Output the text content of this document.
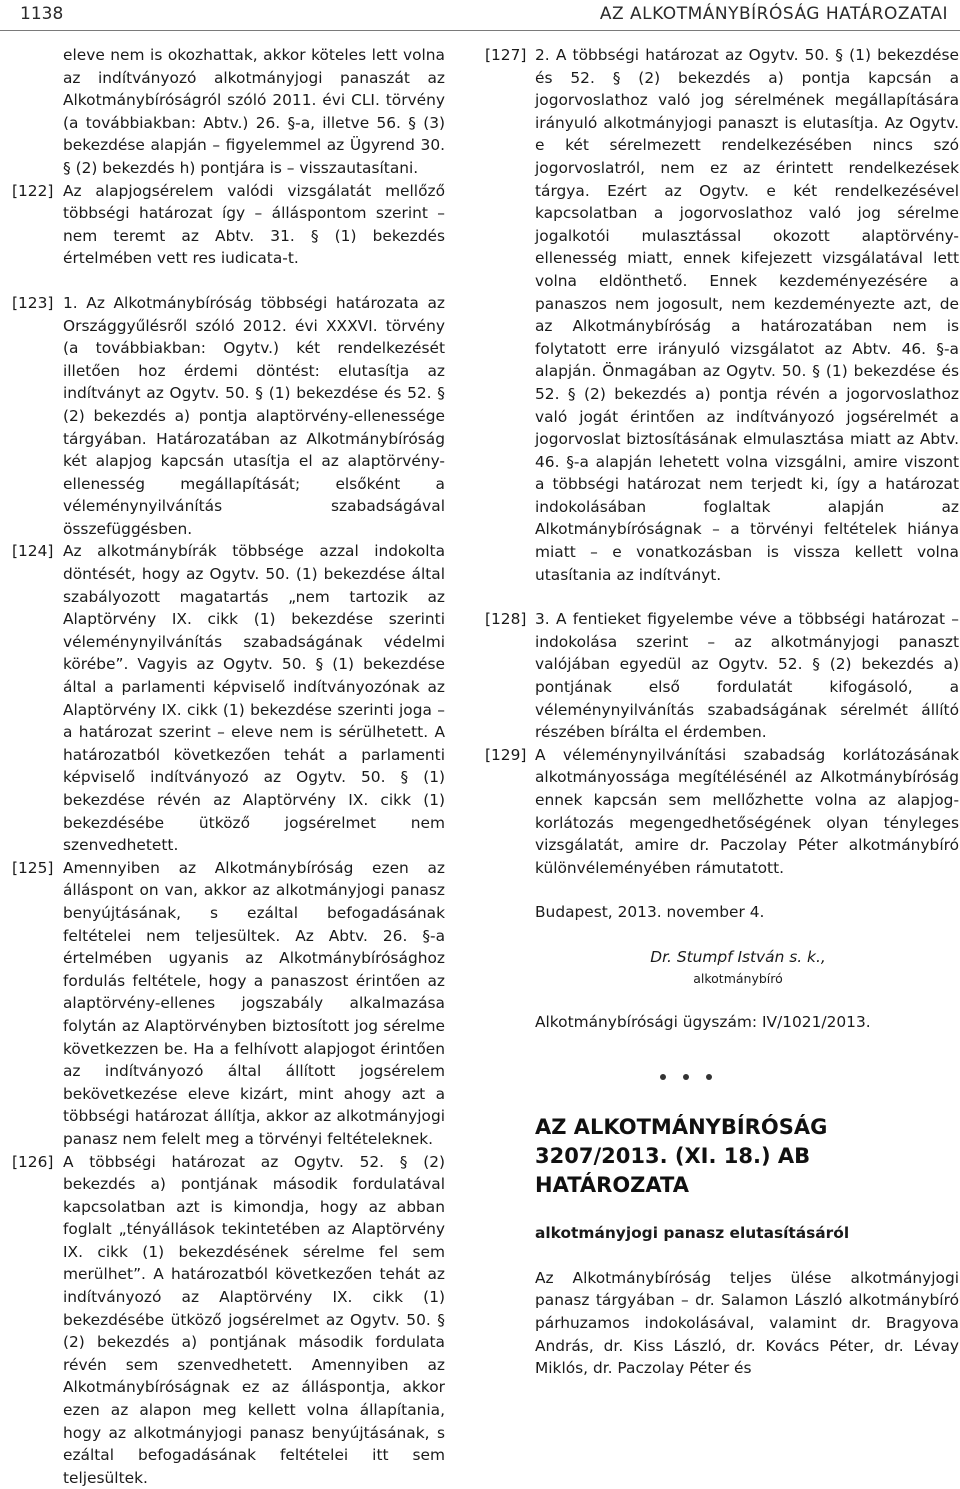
1138	AZ ALKOTMÁNYBÍRÓSÁG HATÁROZATAI

eleve nem is okozhattak, akkor köteles lett volna az indítványozó alkotmányjogi panaszát az Alkotmánybíróságról szóló 2011. évi CLI. törvény (a továbbiakban: Abtv.) 26. §-a, illetve 56. § (3) bekezdése alapján – figyelemmel az Ügyrend 30. § (2) bekezdés h) pontjára is – visszautasítani.

[122] Az alapjogsérelem valódi vizsgálatát mellőző többségi határozat így – álláspontom szerint – nem teremt az Abtv. 31. § (1) bekezdés értelmében vett res iudicata-t.
[123] 1. Az Alkotmánybíróság többségi határozata az Országgyűlésről szóló 2012. évi XXXVI. törvény (a továbbiakban: Ogytv.) két rendelkezését illetően hoz érdemi döntést: elutasítja az indítványt az Ogytv. 50. § (1) bekezdése és 52. § (2) bekezdés a) pontja alaptörvény-ellenessége tárgyában. Határozatában az Alkotmánybíróság két alapjog kapcsán utasítja el az alaptörvény-ellenesség megállapítását; elsőként a véleménynyilvánítás szabadságával összefüggésben.
[124] Az alkotmánybírák többsége azzal indokolta döntését, hogy az Ogytv. 50. (1) bekezdése által szabályozott magatartás „nem tartozik az Alaptörvény IX. cikk (1) bekezdése szerinti véleménynyilvánítás szabadságának védelmi körébe”. Vagyis az Ogytv. 50. § (1) bekezdése által a parlamenti képviselő indítványozónak az Alaptörvény IX. cikk (1) bekezdése szerinti joga – a határozat szerint – eleve nem is sérülhetett. A határozatból következően tehát a parlamenti képviselő indítványozó az Ogytv. 50. § (1) bekezdése révén az Alaptörvény IX. cikk (1) bekezdésébe ütköző jogsérelmet nem szenvedhetett.
[125] Amennyiben az Alkotmánybíróság ezen az álláspont on van, akkor az alkotmányjogi panasz benyújtásának, s ezáltal befogadásának feltételei nem teljesültek. Az Abtv. 26. §-a értelmében ugyanis az Alkotmánybírósághoz fordulás feltétele, hogy a panaszost érintően az alaptörvény-ellenes jogszabály alkalmazása folytán az Alaptörvényben biztosított jog sérelme következzen be. Ha a felhívott alapjogot érintően az indítványozó által állított jogsérelem bekövetkezése eleve kizárt, mint ahogy azt a többségi határozat állítja, akkor az alkotmányjogi panasz nem felelt meg a törvényi feltételeknek.
[126] A többségi határozat az Ogytv. 52. § (2) bekezdés a) pontjának második fordulatával kapcsolatban azt is kimondja, hogy az abban foglalt „tényállások tekintetében az Alaptörvény IX. cikk (1) bekezdésének sérelme fel sem merülhet”. A határozatból következően tehát az indítványozó az Alaptörvény IX. cikk (1) bekezdésébe ütköző jogsérelmet az Ogytv. 50. § (2) bekezdés a) pontjának második fordulata révén sem szenvedhetett. Amennyiben az Alkotmánybíróságnak ez az álláspontja, akkor ezen az alapon meg kellett volna állapítania, hogy az alkotmányjogi panasz benyújtásának, s ezáltal befogadásának feltételei itt sem teljesültek.
[127] 2. A többségi határozat az Ogytv. 50. § (1) bekezdése és 52. § (2) bekezdés a) pontja kapcsán a jogorvoslathoz való jog sérelmének megállapítására irányuló alkotmányjogi panaszt is elutasítja. Az Ogytv. e két sérelmezett rendelkezésében nincs szó jogorvoslatról, nem ez az érintett rendelkezések tárgya. Ezért az Ogytv. e két rendelkezésével kapcsolatban a jogorvoslathoz való jog sérelme jogalkotói mulasztással okozott alaptörvény-ellenesség miatt, ennek kifejezett vizsgálatával lett volna eldönthető. Ennek kezdeményezésére a panaszos nem jogosult, nem kezdeményezte azt, de az Alkotmánybíróság a határozatában nem is folytatott erre irányuló vizsgálatot az Abtv. 46. §-a alapján. Önmagában az Ogytv. 50. § (1) bekezdése és 52. § (2) bekezdés a) pontja révén a jogorvoslathoz való jogát érintően az indítványozó jogsérelmét a jogorvoslat biztosításának elmulasztása miatt az Abtv. 46. §-a alapján lehetett volna vizsgálni, amire viszont a többségi határozat nem terjedt ki, így a határozat indokolásában foglaltak alapján az Alkotmánybíróságnak – a törvényi feltételek hiánya miatt – e vonatkozásban is vissza kellett volna utasítania az indítványt.
[128] 3. A fentieket figyelembe véve a többségi határozat – indokolása szerint – az alkotmányjogi panaszt valójában egyedül az Ogytv. 52. § (2) bekezdés a) pontjának első fordulatát kifogásoló, a véleménynyilvánítás szabadságának sérelmét állító részében bírálta el érdemben.
[129] A véleménynyilvánítási szabadság korlátozásának alkotmányossága megítélésénél az Alkotmánybíróság ennek kapcsán sem mellőzhette volna az alapjog-korlátozás megengedhetőségének olyan tényleges vizsgálatát, amire dr. Paczolay Péter alkotmánybíró különvéleményében rámutatott.

Budapest, 2013. november 4.

Dr. Stumpf István s. k.,
alkotmánybíró
Alkotmánybírósági ügyszám: IV/1021/2013.
AZ ALKOTMÁNYBÍRÓSÁG
3207/2013. (XI. 18.) AB HATÁROZATA
alkotmányjogi panasz elutasításáról
Az Alkotmánybíróság teljes ülése alkotmányjogi panasz tárgyában – dr. Salamon László alkotmánybíró párhuzamos indokolásával, valamint dr. Bragyova András, dr. Kiss László, dr. Kovács Péter, dr. Lévay Miklós, dr. Paczolay Péter és
